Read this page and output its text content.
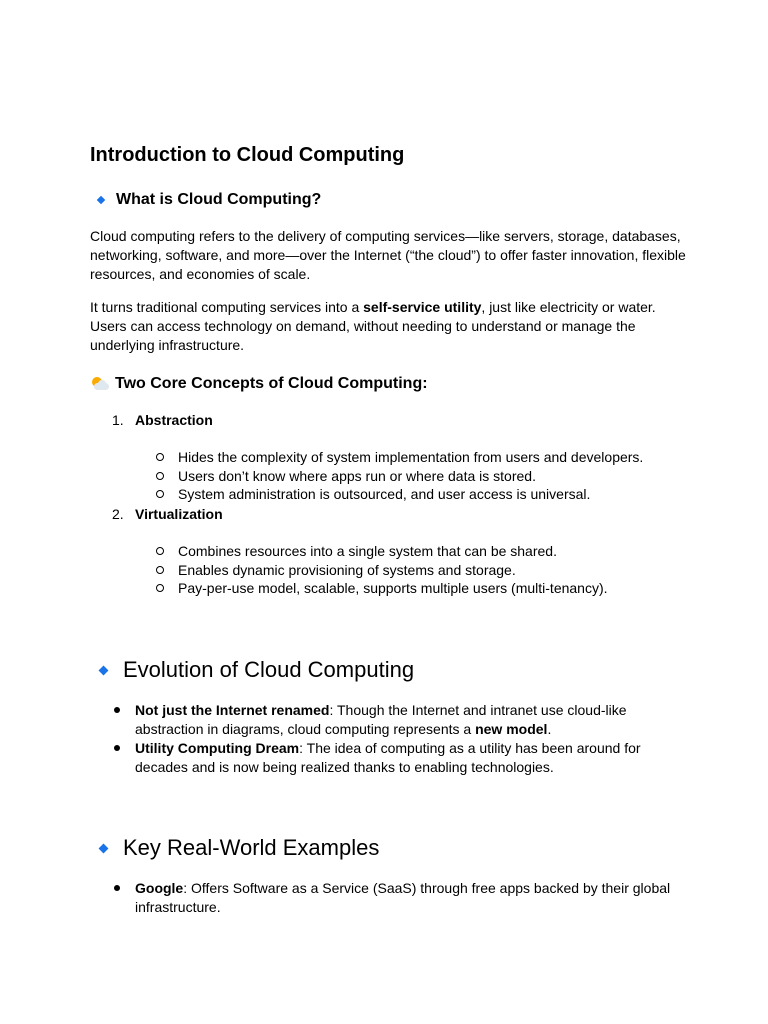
Introduction to Cloud Computing
What is Cloud Computing?

Cloud computing refers to the delivery of computing services—like servers, storage, databases, networking, software, and more—over the Internet (“the cloud”) to offer faster innovation, flexible resources, and economies of scale.

It turns traditional computing services into a self-service utility, just like electricity or water. Users can access technology on demand, without needing to understand or manage the underlying infrastructure.

Two Core Concepts of Cloud Computing:
1. Abstraction
Hides the complexity of system implementation from users and developers.
Users don’t know where apps run or where data is stored.
System administration is outsourced, and user access is universal.
2. Virtualization
Combines resources into a single system that can be shared.
Enables dynamic provisioning of systems and storage.
Pay-per-use model, scalable, supports multiple users (multi-tenancy).
Evolution of Cloud Computing
Not just the Internet renamed: Though the Internet and intranet use cloud-like abstraction in diagrams, cloud computing represents a new model.
Utility Computing Dream: The idea of computing as a utility has been around for decades and is now being realized thanks to enabling technologies.
Key Real-World Examples
Google: Offers Software as a Service (SaaS) through free apps backed by their global infrastructure.
